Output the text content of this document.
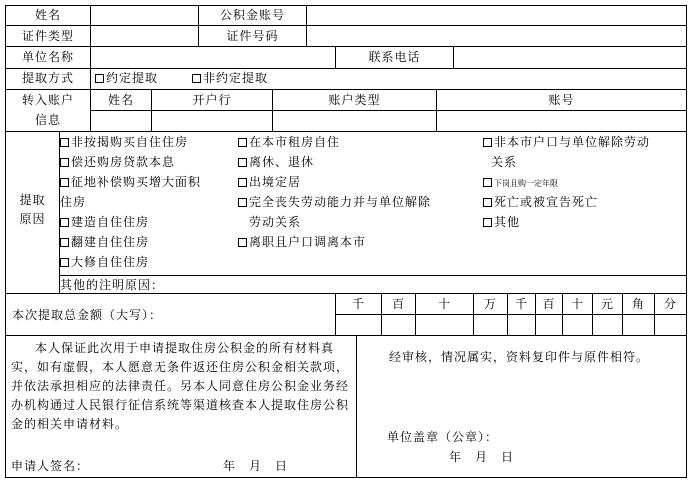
姓名	公积金账号
证件类型	证件号码
单位名称	联系电话
提取方式	约定提取	非约定提取
转入账户
信息
姓名	开户行	账户类型	账号
提取
原因
非按揭购买自住住房
偿还购房贷款本息
征地补偿购买增大面积
住房
建造自住住房
翻建自住住房
大修自住住房
在本市租房自住
离休、退休
出境定居
完全丧失劳动能力并与单位解除
劳动关系
离职且户口调离本市
非本市户口与单位解除劳动
关系
下岗且购一定年限
死亡或被宣告死亡
其他
其他的注明原因：
本次提取总金额（大写）：
千	百	十	万	千	百	十	元	角	分
本人保证此次用于申请提取住房公积金的所有材料真实，如有虚假，本人愿意无条件返还住房公积金相关款项，并依法承担相应的法律责任。另本人同意住房公积金业务经办机构通过人民银行征信系统等渠道核查本人提取住房公积金的相关申请材料。
申请人签名：	年　月　日
经审核，情况属实，资料复印件与原件相符。
单位盖章（公章）：
年　月　日
